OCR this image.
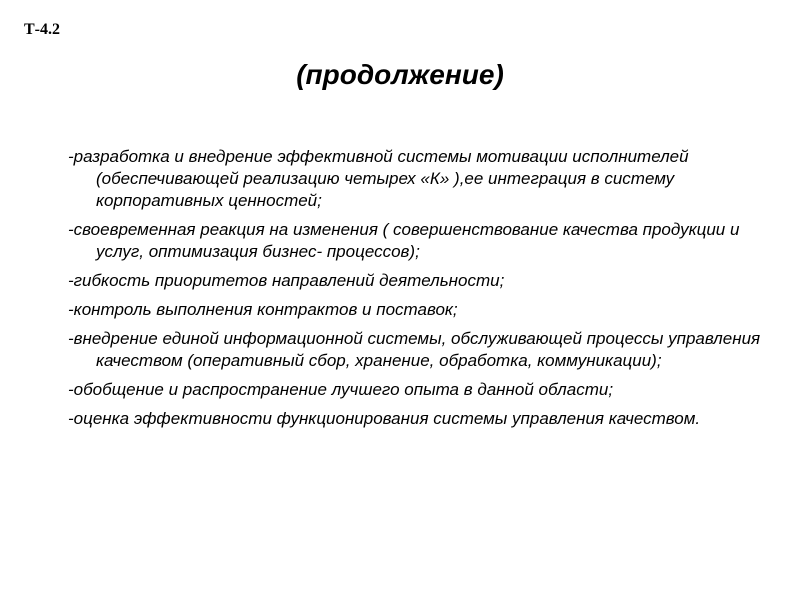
Т-4.2
(продолжение)
-разработка и внедрение эффективной системы мотивации исполнителей (обеспечивающей реализацию четырех «К» ),ее интеграция в систему корпоративных ценностей;
-своевременная реакция на изменения ( совершенствование качества продукции и услуг, оптимизация бизнес- процессов);
-гибкость приоритетов направлений деятельности;
-контроль выполнения контрактов и поставок;
-внедрение единой информационной системы, обслуживающей процессы управления качеством (оперативный сбор, хранение, обработка, коммуникации);
-обобщение и распространение лучшего опыта в данной области;
-оценка эффективности функционирования системы управления качеством.
